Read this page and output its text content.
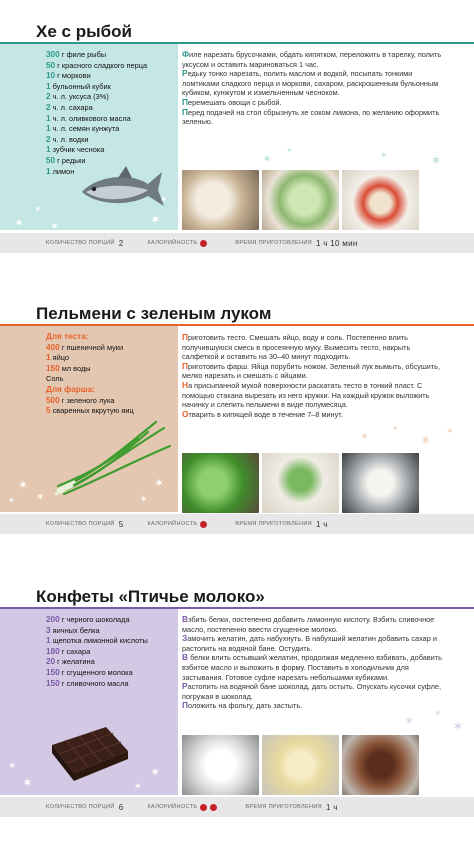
Хе с рыбой
300 г филе рыбы
50 г красного сладкого перца
10 г моркови
1 бульонный кубик
2 ч. л. уксуса (3%)
2 ч. л. сахара
1 ч. л. оливкового масла
1 ч. л. семян кунжута
2 ч. л. водки
1 зубчик чеснока
50 г редьки
1 лимон
✶
✶
✶	✶
✶

Филе нарезать брусочками, обдать кипятком, переложить в тарелку, полить уксусом и оставить мариноваться 1 час.

Редьку тонко нарезать, полить маслом и водкой, посыпать тонкими ломтиками сладкого перца и моркови, сахаром, раскрошенным бульонным кубиком, кунжутом и измельченным чесноком.

Перемешать овощи с рыбой.

Перед подачей на стол сбрызнуть хе соком лимона, по желанию оформить зеленью.

✶
✶	✶	✶
КОЛИЧЕСТВО ПОРЦИЙ 2	КАЛОРИЙНОСТЬ	ВРЕМЯ ПРИГОТОВЛЕНИЯ 1 ч 10 мин
Пельмени с зеленым луком
Для теста:
400 г пшеничной муки
1 яйцо
150 мл воды
Соль
Для фарша:
500 г зеленого лука
5 сваренных вкрутую яиц
✶
✶
✶
✶
✶

Приготовить тесто. Смешать яйцо, воду и соль. Постепенно влить получившуюся смесь в просеянную муку. Вымесить тесто, накрыть салфеткой и оставить на 30–40 минут подходить.

Приготовить фарш. Яйца порубить ножом. Зеленый лук вымыть, обсушить, мелко нарезать и смешать с яйцами.

На присыпанной мукой поверхности раскатать тесто в тонкий пласт. С помощью стакана вырезать из него кружки. На каждый кружок выложить начинку и слепить пельмени в виде полумесяца.

Отварить в кипящей воде в течение 7–8 минут.

✶
✶
✶
✶
КОЛИЧЕСТВО ПОРЦИЙ 5	КАЛОРИЙНОСТЬ	ВРЕМЯ ПРИГОТОВЛЕНИЯ 1 ч
Конфеты «Птичье молоко»
200 г черного шоколада
3 яичных белка
1 щепотка лимонной кислоты
180 г сахара
20 г желатина
150 г сгущенного молока
150 г сливочного масла
✶
✶
✶
✶

Взбить белки, постепенно добавить лимонную кислоту. Взбить сливочное масло, постепенно ввести сгущенное молоко.

Замочить желатин, дать набухнуть. В набухший желатин добавить сахар и растопить на водяной бане. Остудить.

В белки влить остывший желатин, продолжая медленно взбивать, добавить взбитое масло и выложить в форму. Поставить в холодильник для застывания. Готовое суфле нарезать небольшими кубиками.

Растопить на водяной бане шоколад, дать остыть. Опускать кусочки суфле, погружая в шоколад.

Положить на фольгу, дать застыть.

✶
✶
✶
КОЛИЧЕСТВО ПОРЦИЙ 6	КАЛОРИЙНОСТЬ	ВРЕМЯ ПРИГОТОВЛЕНИЯ 1 ч
